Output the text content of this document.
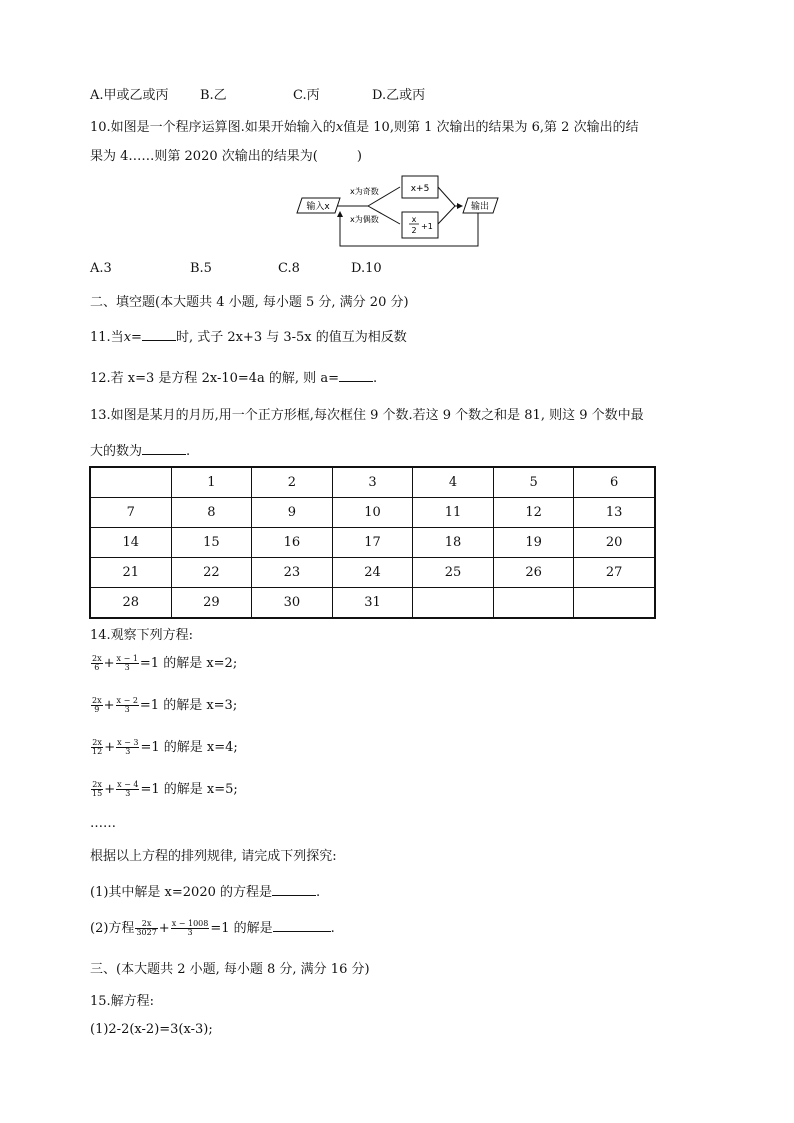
A.甲或乙或丙 B.乙	C.丙	D.乙或丙
10.如图是一个程序运算图.如果开始输入的x值是 10,则第 1 次输出的结果为 6,第 2 次输出的结
果为 4……则第 2020 次输出的结果为(　　　)
输入x
x为奇数
x为偶数
x+5
x
2 +1
输出
A.3	B.5	C.8	D.10
二、填空题(本大题共 4 小题, 每小题 5 分, 满分 20 分)
11.当x=	时, 式子 2x+3 与 3-5x 的值互为相反数
12.若 x=3 是方程 2x-10=4a 的解, 则 a=	.
13.如图是某月的月历,用一个正方形框,每次框住 9 个数.若这 9 个数之和是 81, 则这 9 个数中最
大的数为	.
	1	2	3	4	5	6
7	8	9	10	11	12	13
14	15	16	17	18	19	20
21	22	23	24	25	26	27
28	29	30	31			
14.观察下列方程:
$\frac{2x}{6} + \frac{x - 1}{3} =1$ 的解是 x=2;
$\frac{2x}{9} + \frac{x - 2}{3} =1$ 的解是 x=3;
$\frac{2x}{12} + \frac{x - 3}{3} =1$ 的解是 x=4;
$\frac{2x}{15} + \frac{x - 4}{3} =1$ 的解是 x=5;
……
根据以上方程的排列规律, 请完成下列探究:
(1)其中解是 x=2020 的方程是	.
(2)方程 $\frac{2x}{3027} + \frac{x - 1008}{3} =1$ 的解是	.
三、(本大题共 2 小题, 每小题 8 分, 满分 16 分)
15.解方程:
(1)2-2(x-2)=3(x-3);
